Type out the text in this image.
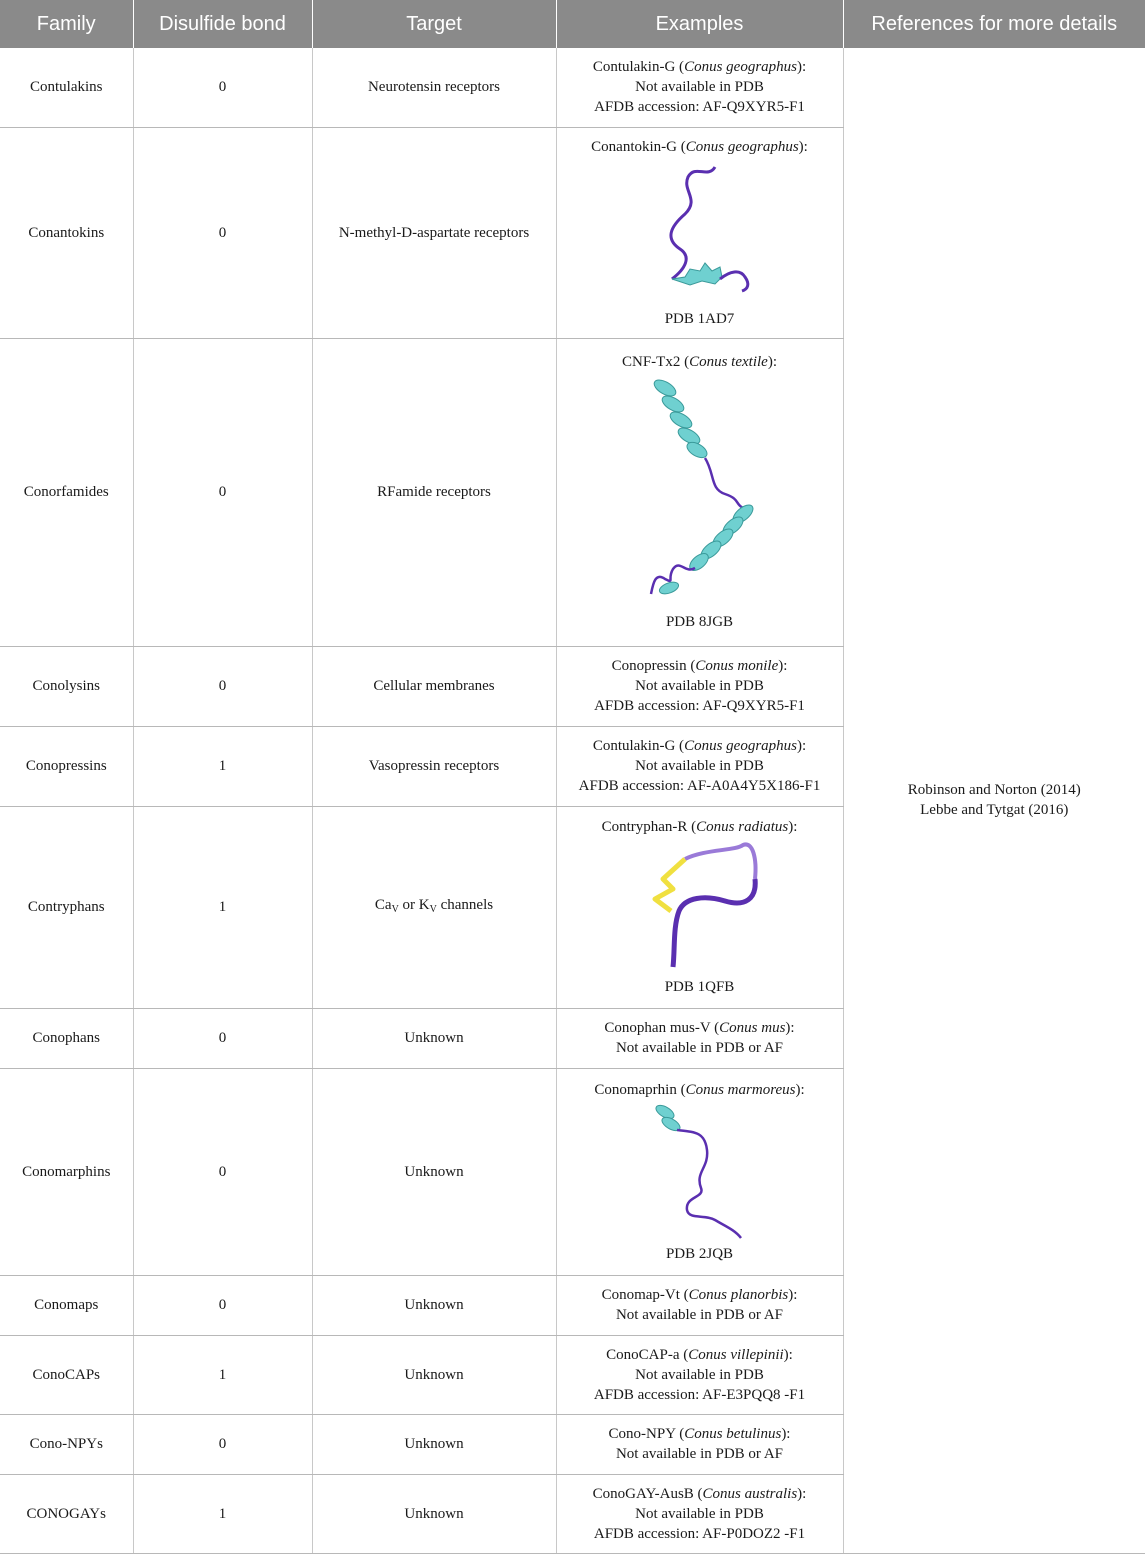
Family	Disulfide bond	Target	Examples	References for more details
Contulakins	0	Neurotensin receptors	Contulakin-G (Conus geographus):
Not available in PDB
AFDB accession: AF-Q9XYR5-F1	Robinson and Norton (2014)
Lebbe and Tytgat (2016)

Conantokins	0	N-methyl-D-aspartate receptors	Conantokin-G (Conus geographus):
PDB 1AD7	

Conorfamides	0	RFamide receptors	CNF-Tx2 (Conus textile):
PDB 8JGB	

Conolysins	0	Cellular membranes	Conopressin (Conus monile):
Not available in PDB
AFDB accession: AF-Q9XYR5-F1	

Conopressins	1	Vasopressin receptors	Contulakin-G (Conus geographus):
Not available in PDB
AFDB accession: AF-A0A4Y5X186-F1	

Contryphans	1	$Ca_V$ or $K_V$ channels	Contryphan-R (Conus radiatus):
PDB 1QFB	

Conophans	0	Unknown	Conophan mus-V (Conus mus):
Not available in PDB or AF	

Conomarphins	0	Unknown	Conomaprhin (Conus marmoreus):
PDB 2JQB	

Conomaps	0	Unknown	Conomap-Vt (Conus planorbis):
Not available in PDB or AF	

ConoCAPs	1	Unknown	ConoCAP-a (Conus villepinii):
Not available in PDB
AFDB accession: AF-E3PQQ8 -F1	

Cono-NPYs	0	Unknown	Cono-NPY (Conus betulinus):
Not available in PDB or AF	

CONOGAYs	1	Unknown	ConoGAY-AusB (Conus australis):
Not available in PDB
AFDB accession: AF-P0DOZ2 -F1	
